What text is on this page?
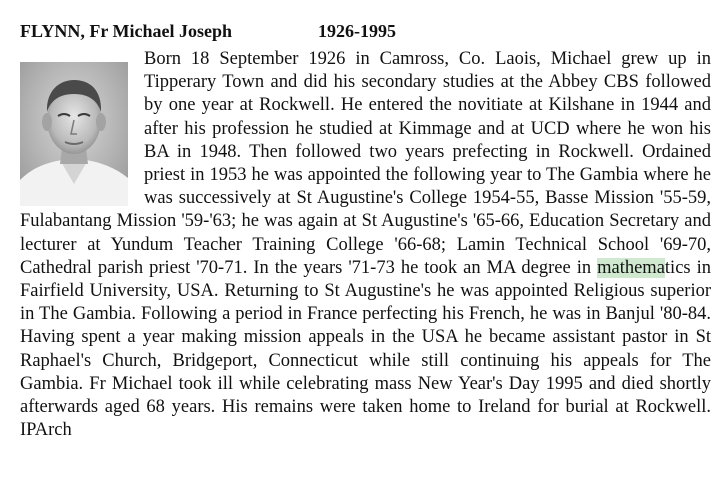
FLYNN, Fr Michael Joseph	1926-1995
Born 18 September 1926 in Camross, Co. Laois, Michael grew up in Tipperary Town and did his secondary studies at the Abbey CBS followed by one year at Rockwell. He entered the novitiate at Kilshane in 1944 and after his profession he studied at Kimmage and at UCD where he won his BA in 1948. Then followed two years prefecting in Rockwell. Ordained priest in 1953 he was appointed the following year to The Gambia where he was successively at St Augustine's College 1954-55, Basse Mission '55-59, Fulabantang Mission '59-'63; he was again at St Augustine's '65-66, Education Secretary and lecturer at Yundum Teacher Training College '66-68; Lamin Technical School '69-70, Cathedral parish priest '70-71. In the years '71-73 he took an MA degree in mathematics in Fairfield University, USA. Returning to St Augustine's he was appointed Religious superior in The Gambia. Following a period in France perfecting his French, he was in Banjul '80-84. Having spent a year making mission appeals in the USA he became assistant pastor in St Raphael's Church, Bridgeport, Connecticut while still continuing his appeals for The Gambia. Fr Michael took ill while celebrating mass New Year's Day 1995 and died shortly afterwards aged 68 years. His remains were taken home to Ireland for burial at Rockwell. IPArch
